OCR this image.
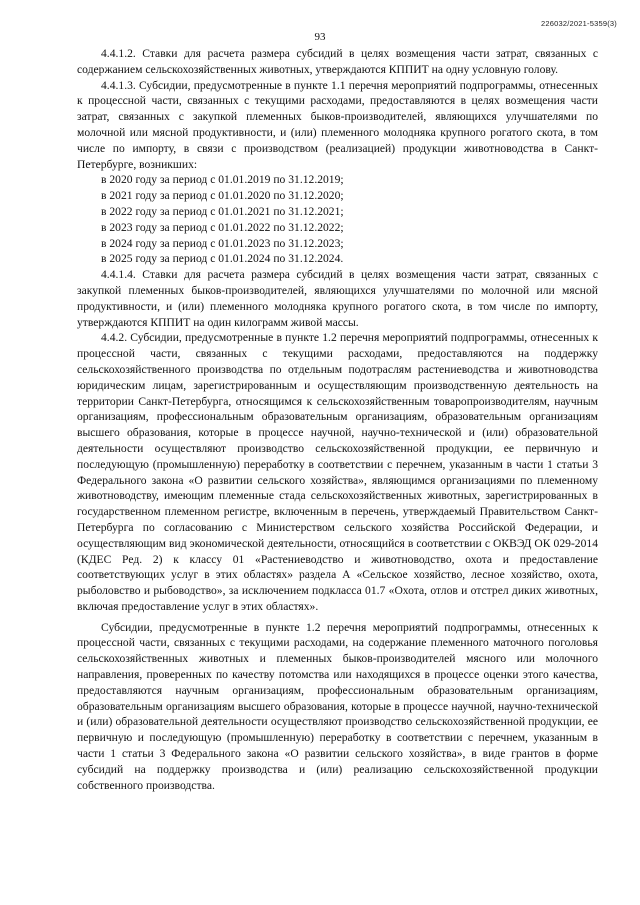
226032/2021-5359(3)
93

4.4.1.2. Ставки для расчета размера субсидий в целях возмещения части затрат, связанных с содержанием сельскохозяйственных животных, утверждаются КППИТ на одну условную голову.

4.4.1.3. Субсидии, предусмотренные в пункте 1.1 перечня мероприятий подпрограммы, отнесенных к процессной части, связанных с текущими расходами, предоставляются в целях возмещения части затрат, связанных с закупкой племенных быков-производителей, являющихся улучшателями по молочной или мясной продуктивности, и (или) племенного молодняка крупного рогатого скота, в том числе по импорту, в связи с производством (реализацией) продукции животноводства в Санкт-Петербурге, возникших:

в 2020 году за период с 01.01.2019 по 31.12.2019;

в 2021 году за период с 01.01.2020 по 31.12.2020;

в 2022 году за период с 01.01.2021 по 31.12.2021;

в 2023 году за период с 01.01.2022 по 31.12.2022;

в 2024 году за период с 01.01.2023 по 31.12.2023;

в 2025 году за период с 01.01.2024 по 31.12.2024.

4.4.1.4. Ставки для расчета размера субсидий в целях возмещения части затрат, связанных с закупкой племенных быков-производителей, являющихся улучшателями по молочной или мясной продуктивности, и (или) племенного молодняка крупного рогатого скота, в том числе по импорту, утверждаются КППИТ на один килограмм живой массы.

4.4.2. Субсидии, предусмотренные в пункте 1.2 перечня мероприятий подпрограммы, отнесенных к процессной части, связанных с текущими расходами, предоставляются на поддержку сельскохозяйственного производства по отдельным подотраслям растениеводства и животноводства юридическим лицам, зарегистрированным и осуществляющим производственную деятельность на территории Санкт-Петербурга, относящимся к сельскохозяйственным товаропроизводителям, научным организациям, профессиональным образовательным организациям, образовательным организациям высшего образования, которые в процессе научной, научно-технической и (или) образовательной деятельности осуществляют производство сельскохозяйственной продукции, ее первичную и последующую (промышленную) переработку в соответствии с перечнем, указанным в части 1 статьи 3 Федерального закона «О развитии сельского хозяйства», являющимся организациями по племенному животноводству, имеющим племенные стада сельскохозяйственных животных, зарегистрированных в государственном племенном регистре, включенным в перечень, утверждаемый Правительством Санкт-Петербурга по согласованию с Министерством сельского хозяйства Российской Федерации, и осуществляющим вид экономической деятельности, относящийся в соответствии с ОКВЭД ОК 029-2014 (КДЕС Ред. 2) к классу 01 «Растениеводство и животноводство, охота и предоставление соответствующих услуг в этих областях» раздела А «Сельское хозяйство, лесное хозяйство, охота, рыболовство и рыбоводство», за исключением подкласса 01.7 «Охота, отлов и отстрел диких животных, включая предоставление услуг в этих областях».

Субсидии, предусмотренные в пункте 1.2 перечня мероприятий подпрограммы, отнесенных к процессной части, связанных с текущими расходами, на содержание племенного маточного поголовья сельскохозяйственных животных и племенных быков-производителей мясного или молочного направления, проверенных по качеству потомства или находящихся в процессе оценки этого качества, предоставляются научным организациям, профессиональным образовательным организациям, образовательным организациям высшего образования, которые в процессе научной, научно-технической и (или) образовательной деятельности осуществляют производство сельскохозяйственной продукции, ее первичную и последующую (промышленную) переработку в соответствии с перечнем, указанным в части 1 статьи 3 Федерального закона «О развитии сельского хозяйства», в виде грантов в форме субсидий на поддержку производства и (или) реализацию сельскохозяйственной продукции собственного производства.
